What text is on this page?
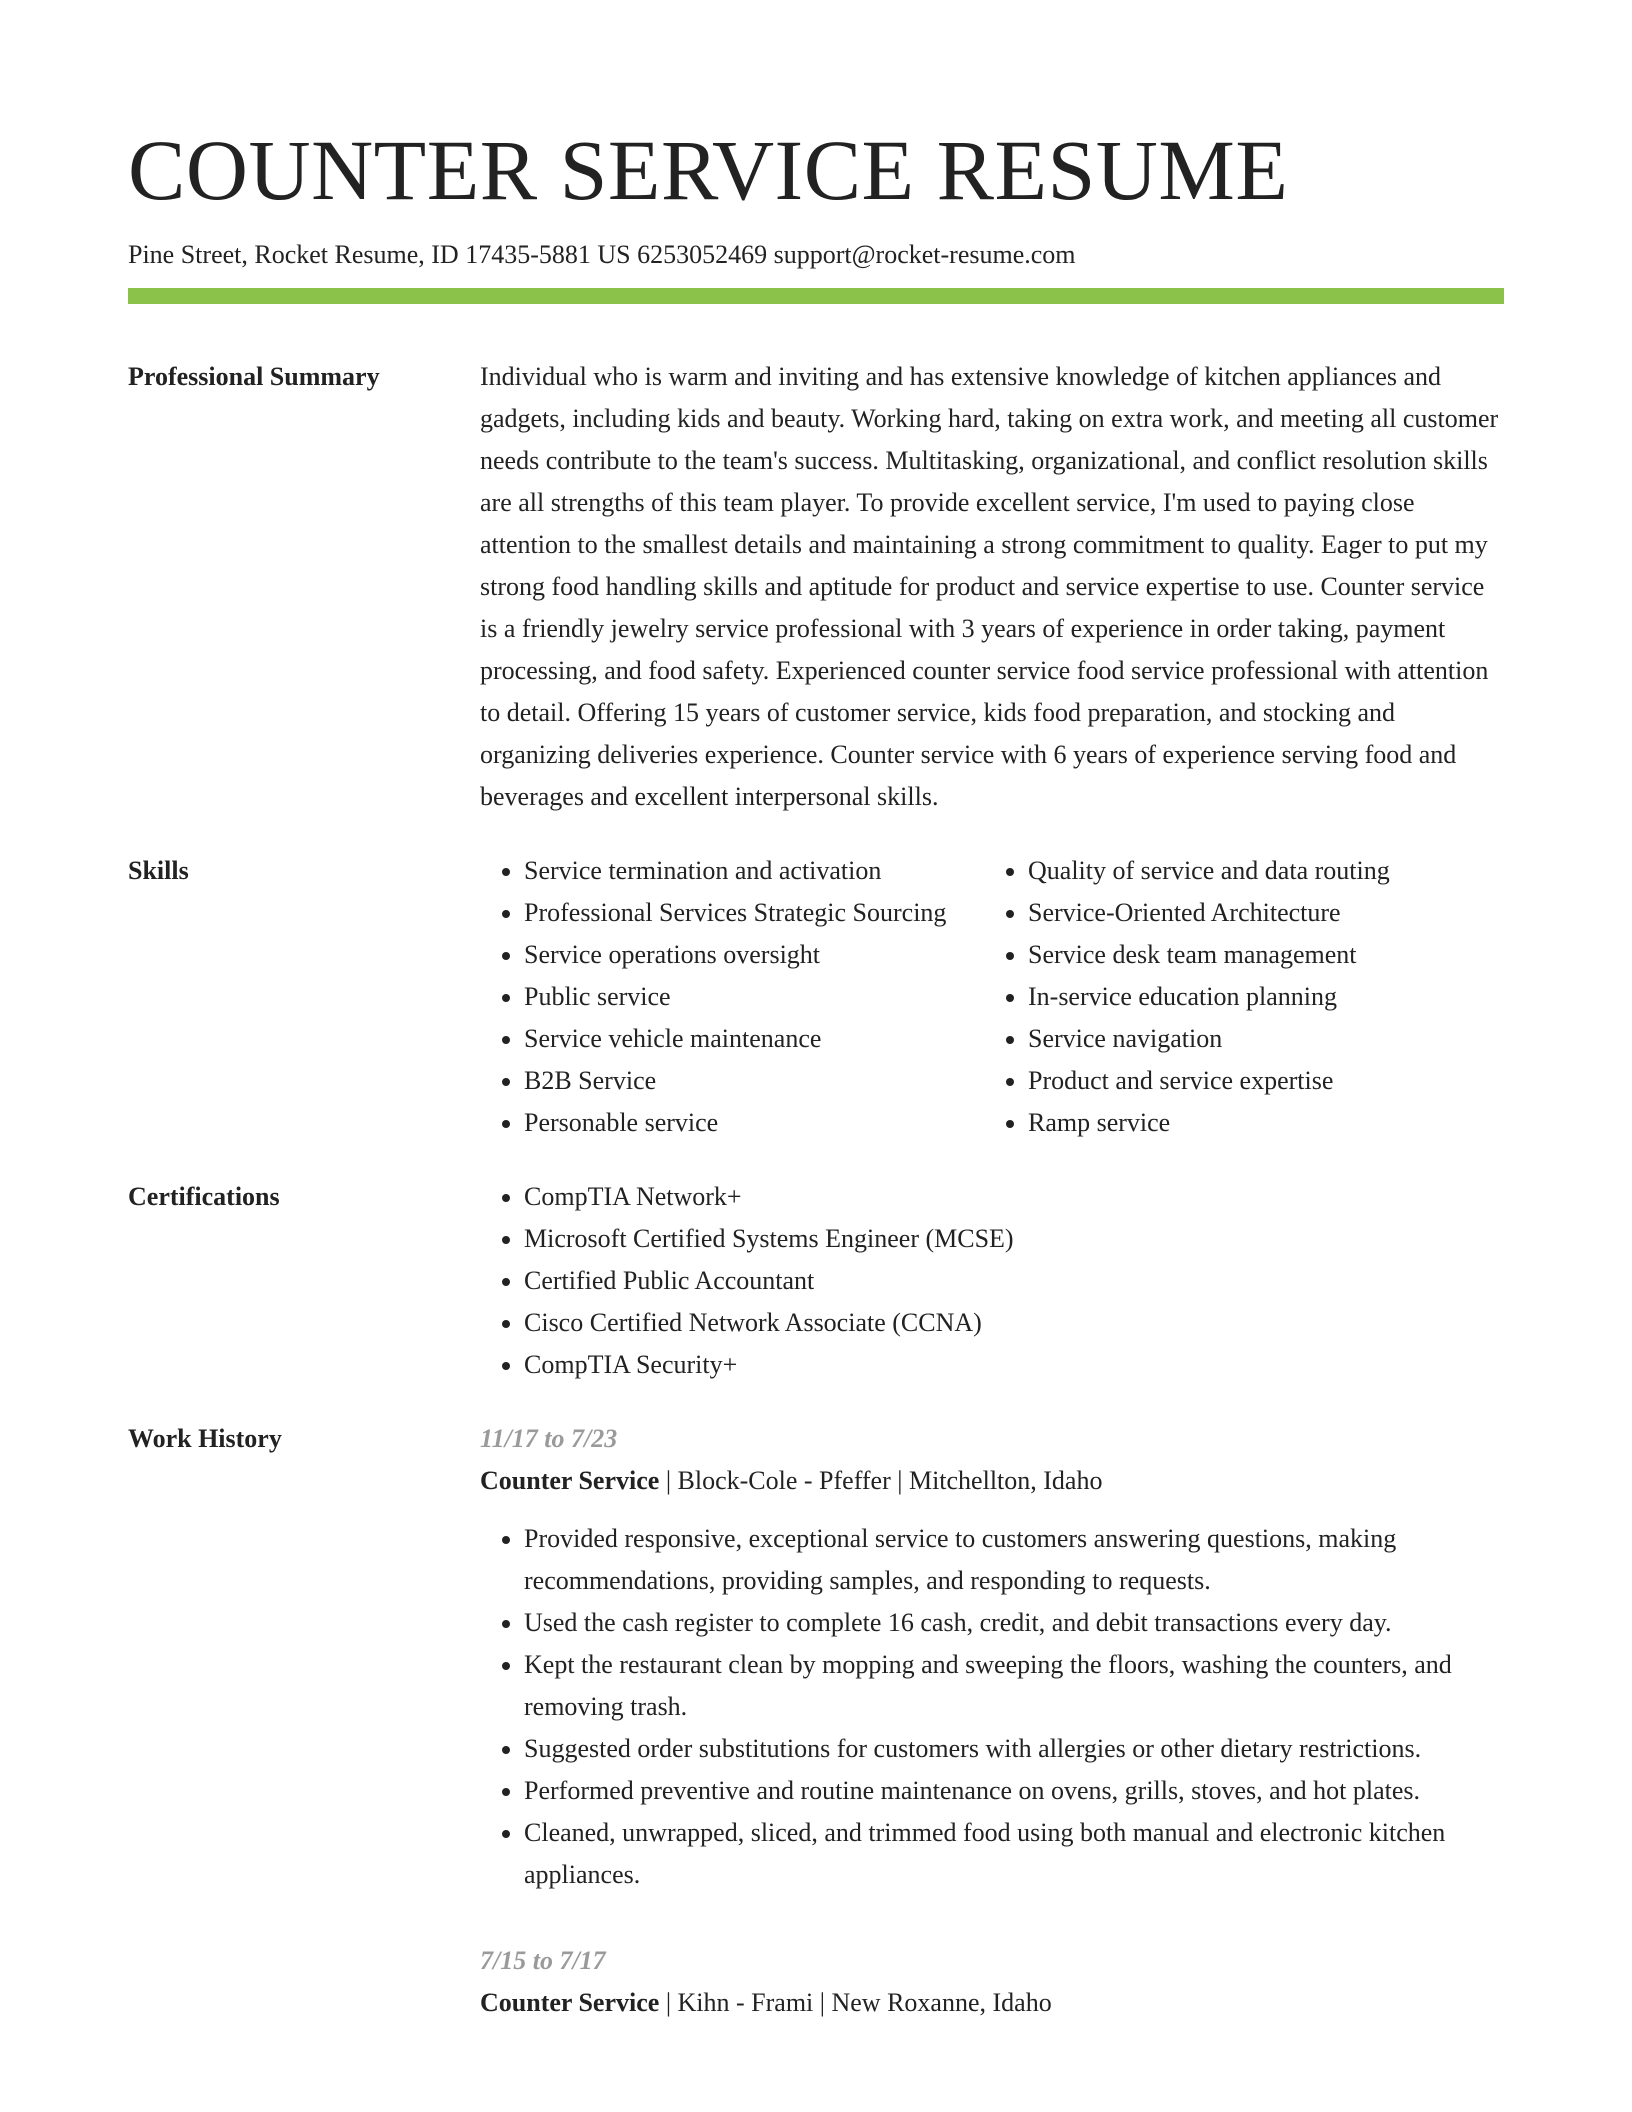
COUNTER SERVICE RESUME
Pine Street, Rocket Resume, ID 17435-5881 US 6253052469 support@rocket-resume.com
Professional Summary	Individual who is warm and inviting and has extensive knowledge of kitchen appliances and gadgets, including kids and beauty. Working hard, taking on extra work, and meeting all customer needs contribute to the team's success. Multitasking, organizational, and conflict resolution skills are all strengths of this team player. To provide excellent service, I'm used to paying close attention to the smallest details and maintaining a strong commitment to quality. Eager to put my strong food handling skills and aptitude for product and service expertise to use. Counter service is a friendly jewelry service professional with 3 years of experience in order taking, payment processing, and food safety. Experienced counter service food service professional with attention to detail. Offering 15 years of customer service, kids food preparation, and stocking and organizing deliveries experience. Counter service with 6 years of experience serving food and beverages and excellent interpersonal skills.

Skills	• Service termination and activation
• Professional Services Strategic Sourcing
• Service operations oversight
• Public service
• Service vehicle maintenance
• B2B Service
• Personable service
• Quality of service and data routing
• Service-Oriented Architecture
• Service desk team management
• In-service education planning
• Service navigation
• Product and service expertise
• Ramp service
Certifications	• CompTIA Network+
• Microsoft Certified Systems Engineer (MCSE)
• Certified Public Accountant
• Cisco Certified Network Associate (CCNA)
• CompTIA Security+
Work History	11/17 to 7/23
Counter Service | Block-Cole - Pfeffer | Mitchellton, Idaho
• Provided responsive, exceptional service to customers answering questions, making recommendations, providing samples, and responding to requests.
• Used the cash register to complete 16 cash, credit, and debit transactions every day.
• Kept the restaurant clean by mopping and sweeping the floors, washing the counters, and removing trash.
• Suggested order substitutions for customers with allergies or other dietary restrictions.
• Performed preventive and routine maintenance on ovens, grills, stoves, and hot plates.
• Cleaned, unwrapped, sliced, and trimmed food using both manual and electronic kitchen appliances.
7/15 to 7/17
Counter Service | Kihn - Frami | New Roxanne, Idaho
